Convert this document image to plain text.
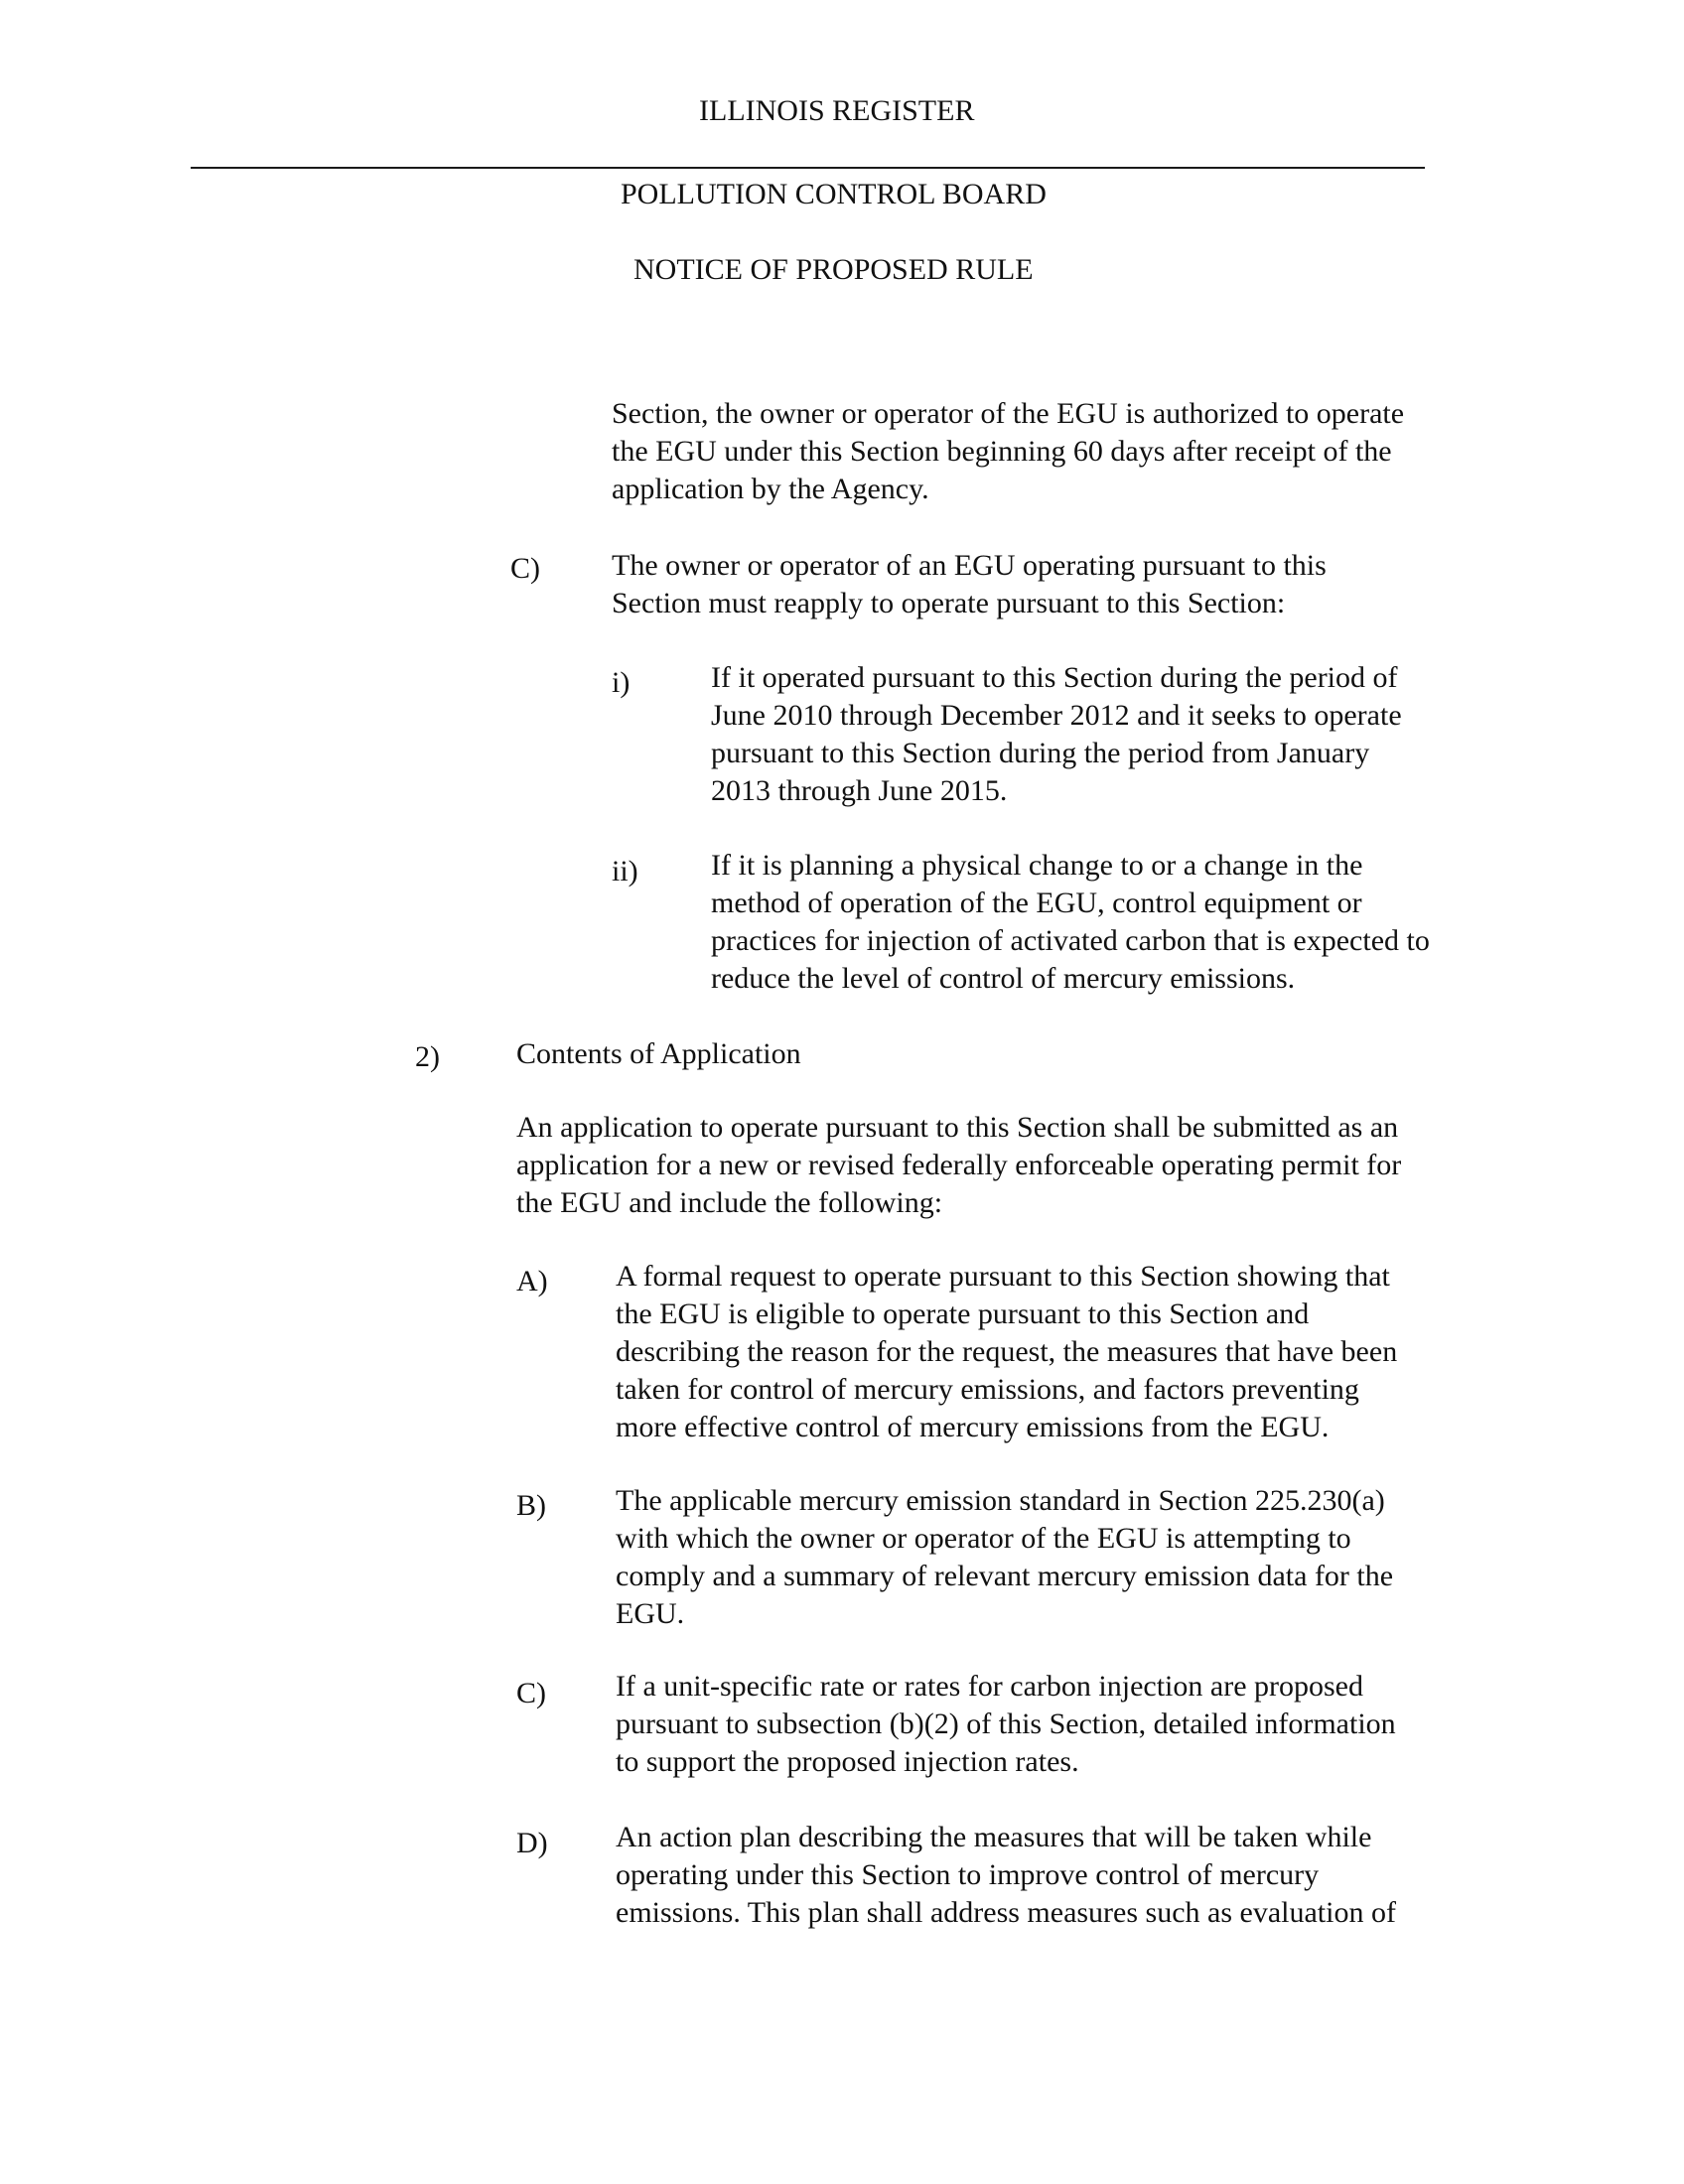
ILLINOIS REGISTER
POLLUTION CONTROL BOARD
NOTICE OF PROPOSED RULE
Section, the owner or operator of the EGU is authorized to operate
the EGU under this Section beginning 60 days after receipt of the
application by the Agency.
C) The owner or operator of an EGU operating pursuant to this
Section must reapply to operate pursuant to this Section:
i)	If it operated pursuant to this Section during the period of
June 2010 through December 2012 and it seeks to operate
pursuant to this Section during the period from January
2013 through June 2015.
ii) If it is planning a physical change to or a change in the
method of operation of the EGU, control equipment or
practices for injection of activated carbon that is expected to
reduce the level of control of mercury emissions.
2)	Contents of Application
An application to operate pursuant to this Section shall be submitted as an
application for a new or revised federally enforceable operating permit for
the EGU and include the following:
A) A formal request to operate pursuant to this Section showing that
the EGU is eligible to operate pursuant to this Section and
describing the reason for the request, the measures that have been
taken for control of mercury emissions, and factors preventing
more effective control of mercury emissions from the EGU.
B) The applicable mercury emission standard in Section 225.230(a)
with which the owner or operator of the EGU is attempting to
comply and a summary of relevant mercury emission data for the
EGU.
C) If a unit-specific rate or rates for carbon injection are proposed
pursuant to subsection (b)(2) of this Section, detailed information
to support the proposed injection rates.
D) An action plan describing the measures that will be taken while
operating under this Section to improve control of mercury
emissions. This plan shall address measures such as evaluation of
